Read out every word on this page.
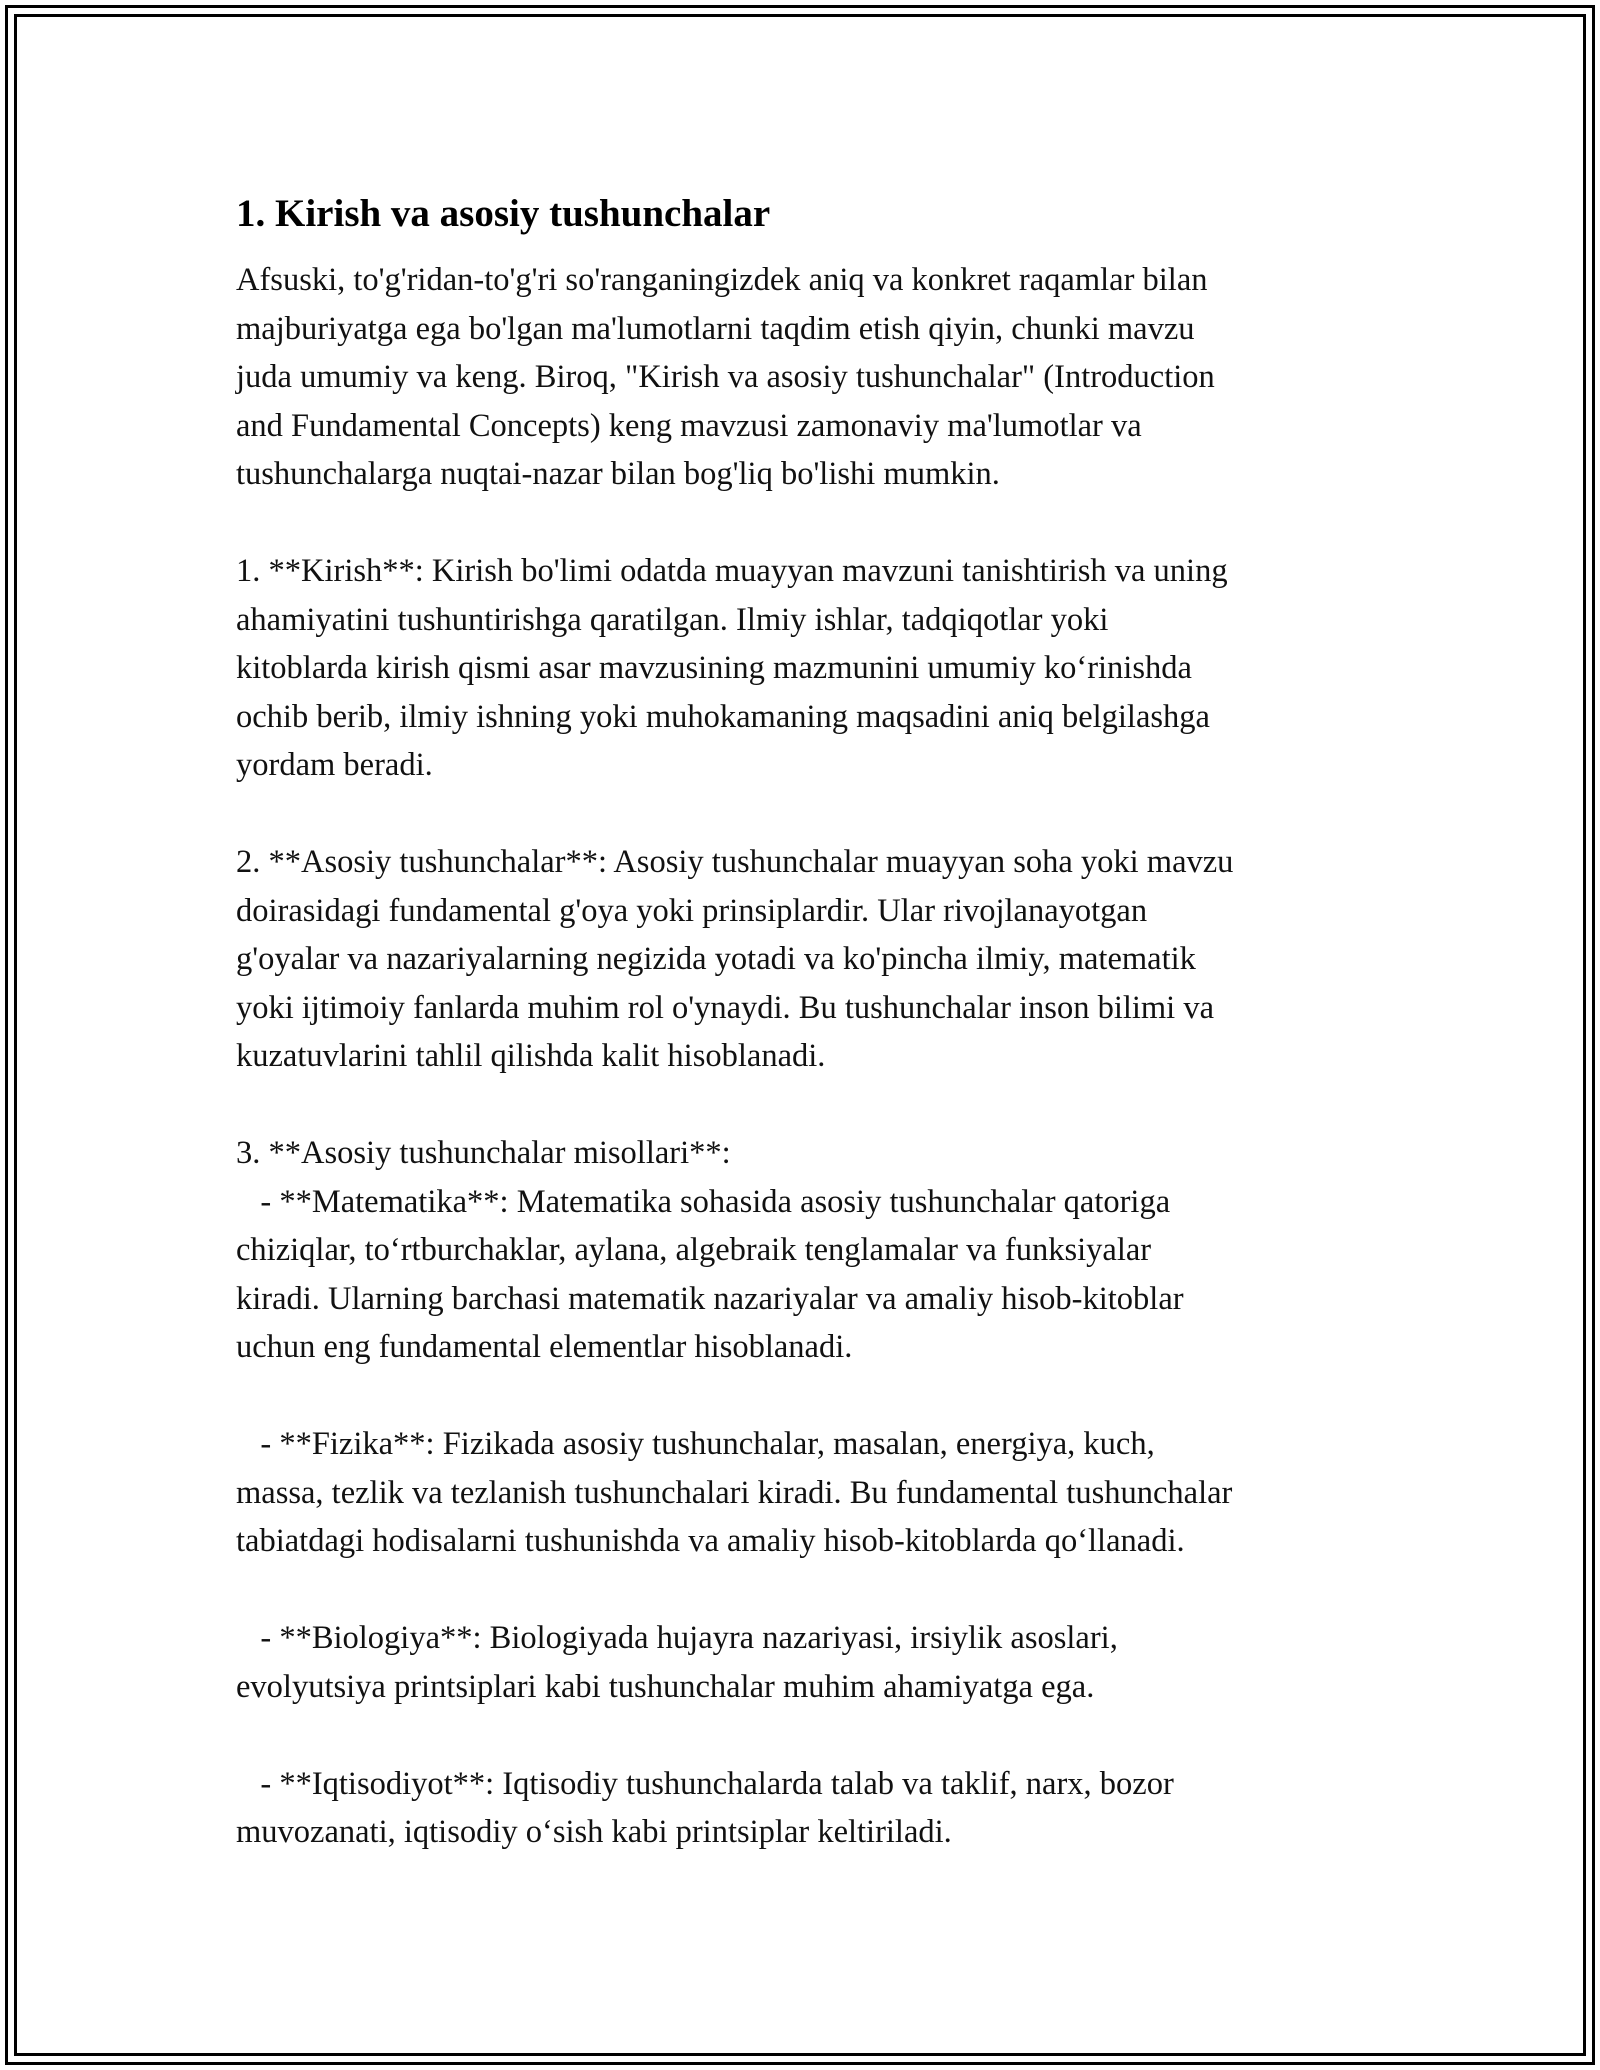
1. Kirish va asosiy tushunchalar
Afsuski, to'g'ridan-to'g'ri so'ranganingizdek aniq va konkret raqamlar bilan
majburiyatga ega bo'lgan ma'lumotlarni taqdim etish qiyin, chunki mavzu
juda umumiy va keng. Biroq, "Kirish va asosiy tushunchalar" (Introduction
and Fundamental Concepts) keng mavzusi zamonaviy ma'lumotlar va
tushunchalarga nuqtai-nazar bilan bog'liq bo'lishi mumkin.

1. **Kirish**: Kirish bo'limi odatda muayyan mavzuni tanishtirish va uning
ahamiyatini tushuntirishga qaratilgan. Ilmiy ishlar, tadqiqotlar yoki
kitoblarda kirish qismi asar mavzusining mazmunini umumiy ko‘rinishda
ochib berib, ilmiy ishning yoki muhokamaning maqsadini aniq belgilashga
yordam beradi.

2. **Asosiy tushunchalar**: Asosiy tushunchalar muayyan soha yoki mavzu
doirasidagi fundamental g'oya yoki prinsiplardir. Ular rivojlanayotgan
g'oyalar va nazariyalarning negizida yotadi va ko'pincha ilmiy, matematik
yoki ijtimoiy fanlarda muhim rol o'ynaydi. Bu tushunchalar inson bilimi va
kuzatuvlarini tahlil qilishda kalit hisoblanadi.

3. **Asosiy tushunchalar misollari**:
- **Matematika**: Matematika sohasida asosiy tushunchalar qatoriga
chiziqlar, to‘rtburchaklar, aylana, algebraik tenglamalar va funksiyalar
kiradi. Ularning barchasi matematik nazariyalar va amaliy hisob-kitoblar
uchun eng fundamental elementlar hisoblanadi.

- **Fizika**: Fizikada asosiy tushunchalar, masalan, energiya, kuch,
massa, tezlik va tezlanish tushunchalari kiradi. Bu fundamental tushunchalar
tabiatdagi hodisalarni tushunishda va amaliy hisob-kitoblarda qo‘llanadi.

- **Biologiya**: Biologiyada hujayra nazariyasi, irsiylik asoslari,
evolyutsiya printsiplari kabi tushunchalar muhim ahamiyatga ega.

- **Iqtisodiyot**: Iqtisodiy tushunchalarda talab va taklif, narx, bozor
muvozanati, iqtisodiy o‘sish kabi printsiplar keltiriladi.
